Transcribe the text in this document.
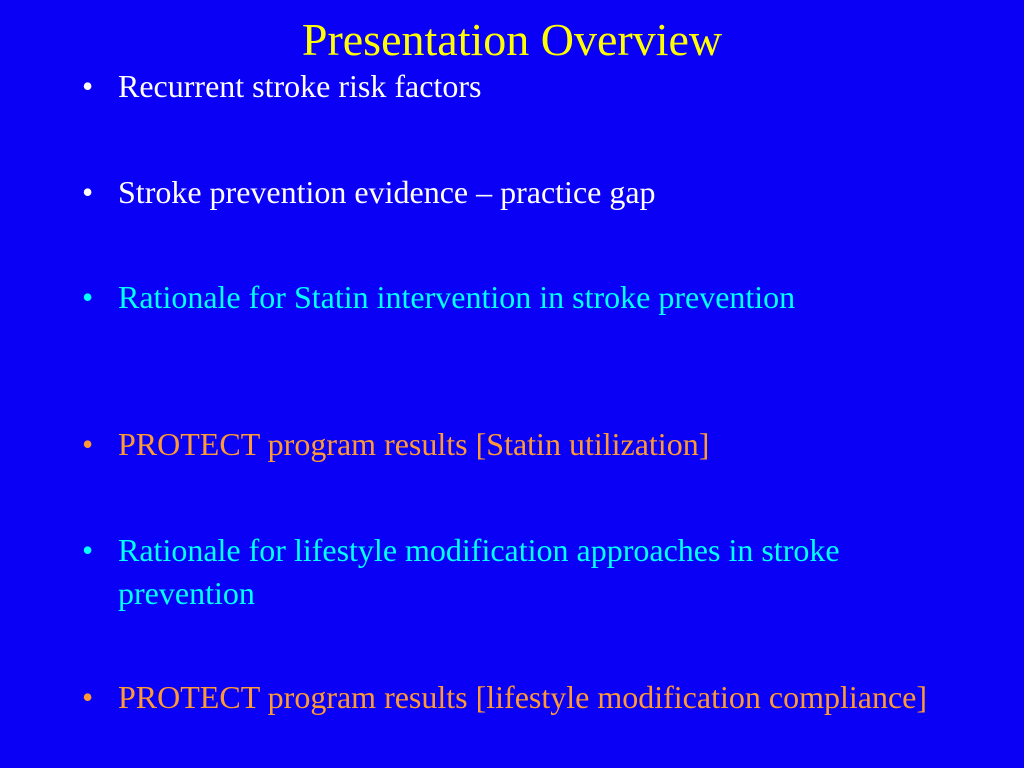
Presentation Overview
• Recurrent stroke risk factors
• Stroke prevention evidence – practice gap
• Rationale for Statin intervention in stroke prevention
• PROTECT program results [Statin utilization]
• Rationale for lifestyle modification approaches in stroke prevention
• PROTECT program results [lifestyle modification compliance]
